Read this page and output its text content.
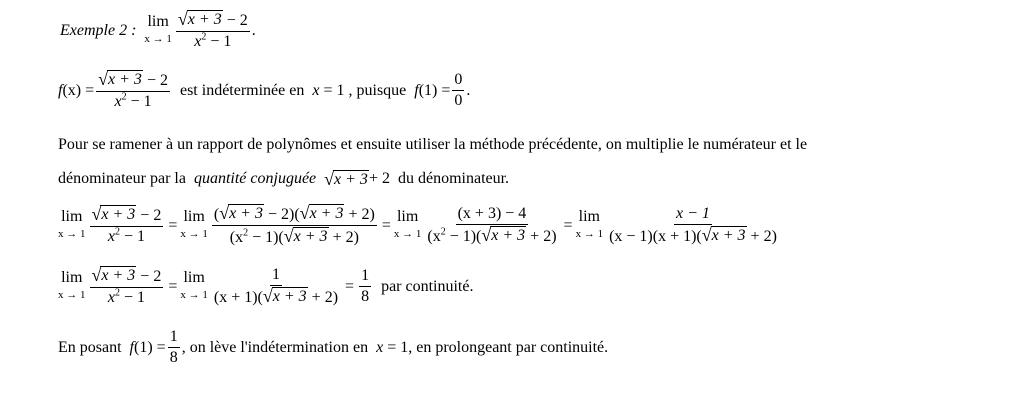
Exemple 2 : lim
$x \to 1 \frac{√ x + 3 - 2}{x^2 - 1}$ .
f $(x) = \frac{√ x + 3 - 2}{x^2 - 1}$ est indéterminée en x
= 1 , puisque f $(1) = \frac{0}{0}$ .
Pour se ramener à un rapport de polynômes et ensuite utiliser la méthode précédente, on multiplie le numérateur et le
dénominateur par la quantité conjuguée √ x + 3 + 2 du dénominateur.
lim
$x \to 1 \frac{√ x + 3 - 2}{x^2 - 1} = \lim$
$x \to 1 \frac{( √ x + 3 - 2)( √ x + 3 + 2)}{(x^2 - 1)( √ x + 3 + 2)} = \lim$
$x \to 1 \frac{(x + 3) - 4}{(x^2 - 1)( √ x + 3 + 2)} = \lim$
$x \to 1 \frac{x - 1}{(x - 1)(x + 1)( √ x + 3 + 2)}$
lim
$x \to 1 \frac{√ x + 3 - 2}{x^2 - 1} = \lim$
$x \to 1 \frac{1}{(x + 1)( √ x + 3 + 2)} = \frac{1}{8}$ par continuité.
En posant f $(1) = \frac{1}{8}$ , on lève l'indétermination en x
= 1, en prolongeant par continuité.
